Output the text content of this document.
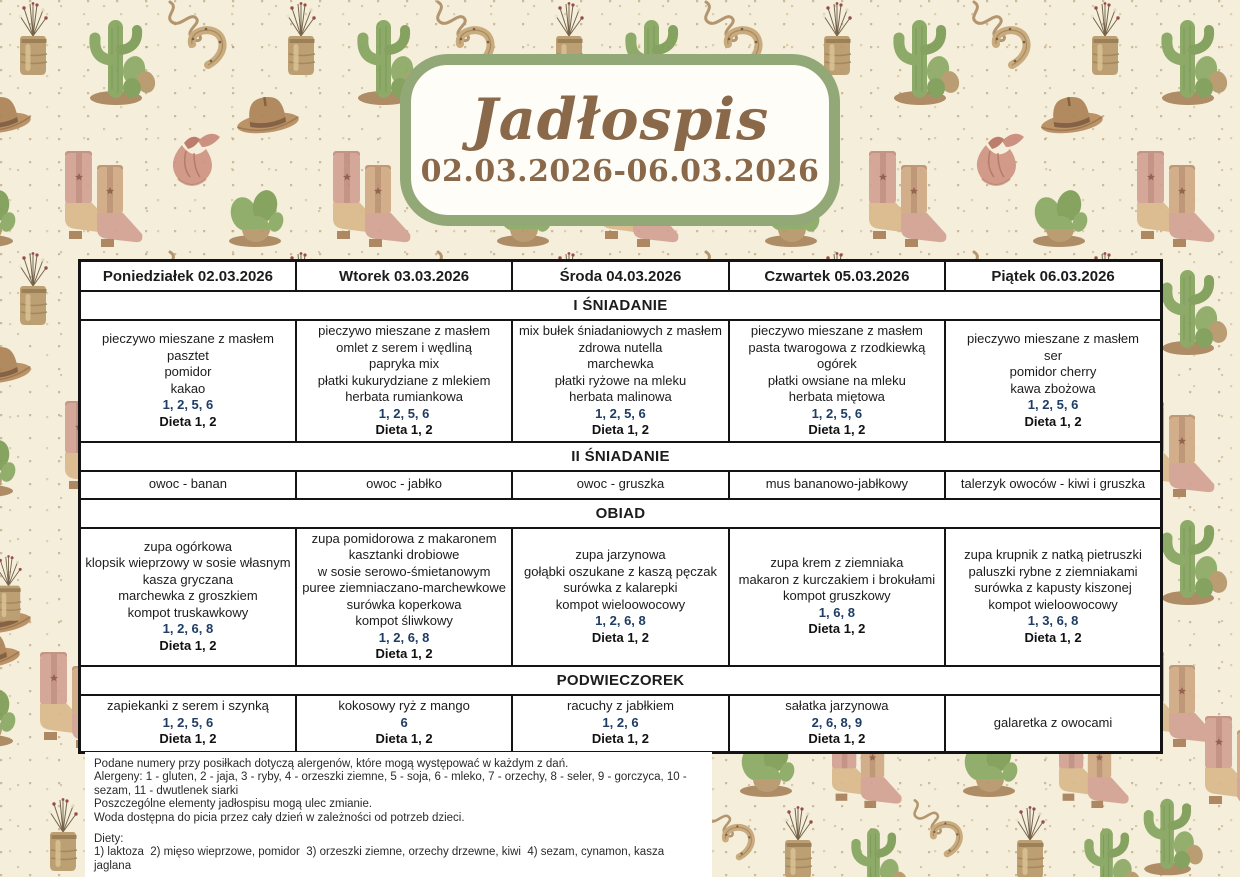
Jadłospis
02.03.2026-06.03.2026
Poniedziałek 02.03.2026	Wtorek 03.03.2026	Środa 04.03.2026	Czwartek 05.03.2026	Piątek 06.03.2026
I ŚNIADANIE				

pieczywo mieszane z masłem
pasztet
pomidor
kakao
1, 2, 5, 6
Dieta 1, 2

pieczywo mieszane z masłem
omlet z serem i wędliną
papryka mix
płatki kukurydziane z mlekiem
herbata rumiankowa
1, 2, 5, 6
Dieta 1, 2

mix bułek śniadaniowych z masłem
zdrowa nutella
marchewka
płatki ryżowe na mleku
herbata malinowa
1, 2, 5, 6
Dieta 1, 2

pieczywo mieszane z masłem
pasta twarogowa z rzodkiewką
ogórek
płatki owsiane na mleku
herbata miętowa
1, 2, 5, 6
Dieta 1, 2

pieczywo mieszane z masłem
ser
pomidor cherry
kawa zbożowa
1, 2, 5, 6
Dieta 1, 2

II ŚNIADANIE				

owoc - banan	owoc - jabłko	owoc - gruszka	mus bananowo-jabłkowy	talerzyk owoców - kiwi i gruszka

OBIAD				

zupa ogórkowa
klopsik wieprzowy w sosie własnym
kasza gryczana
marchewka z groszkiem
kompot truskawkowy
1, 2, 6, 8
Dieta 1, 2

zupa pomidorowa z makaronem
kasztanki drobiowe
w sosie serowo-śmietanowym
puree ziemniaczano-marchewkowe
surówka koperkowa
kompot śliwkowy
1, 2, 6, 8
Dieta 1, 2

zupa jarzynowa
gołąbki oszukane z kaszą pęczak
surówka z kalarepki
kompot wieloowocowy
1, 2, 6, 8
Dieta 1, 2

zupa krem z ziemniaka
makaron z kurczakiem i brokułami
kompot gruszkowy
1, 6, 8
Dieta 1, 2

zupa krupnik z natką pietruszki
paluszki rybne z ziemniakami
surówka z kapusty kiszonej
kompot wieloowocowy
1, 3, 6, 8
Dieta 1, 2

PODWIECZOREK				

zapiekanki z serem i szynką
1, 2, 5, 6
Dieta 1, 2

kokosowy ryż z mango
6
Dieta 1, 2

racuchy z jabłkiem
1, 2, 6
Dieta 1, 2

sałatka jarzynowa
2, 6, 8, 9
Dieta 1, 2

galaretka z owocami
Podane numery przy posiłkach dotyczą alergenów, które mogą występować w każdym z dań.
Alergeny: 1 - gluten, 2 - jaja, 3 - ryby, 4 - orzeszki ziemne, 5 - soja, 6 - mleko, 7 - orzechy, 8 - seler, 9 - gorczyca, 10 - sezam, 11 - dwutlenek siarki
Poszczególne elementy jadłospisu mogą ulec zmianie.
Woda dostępna do picia przez cały dzień w zależności od potrzeb dzieci.
Diety:
1) laktoza  2) mięso wieprzowe, pomidor  3) orzeszki ziemne, orzechy drzewne, kiwi  4) sezam, cynamon, kasza jaglana
